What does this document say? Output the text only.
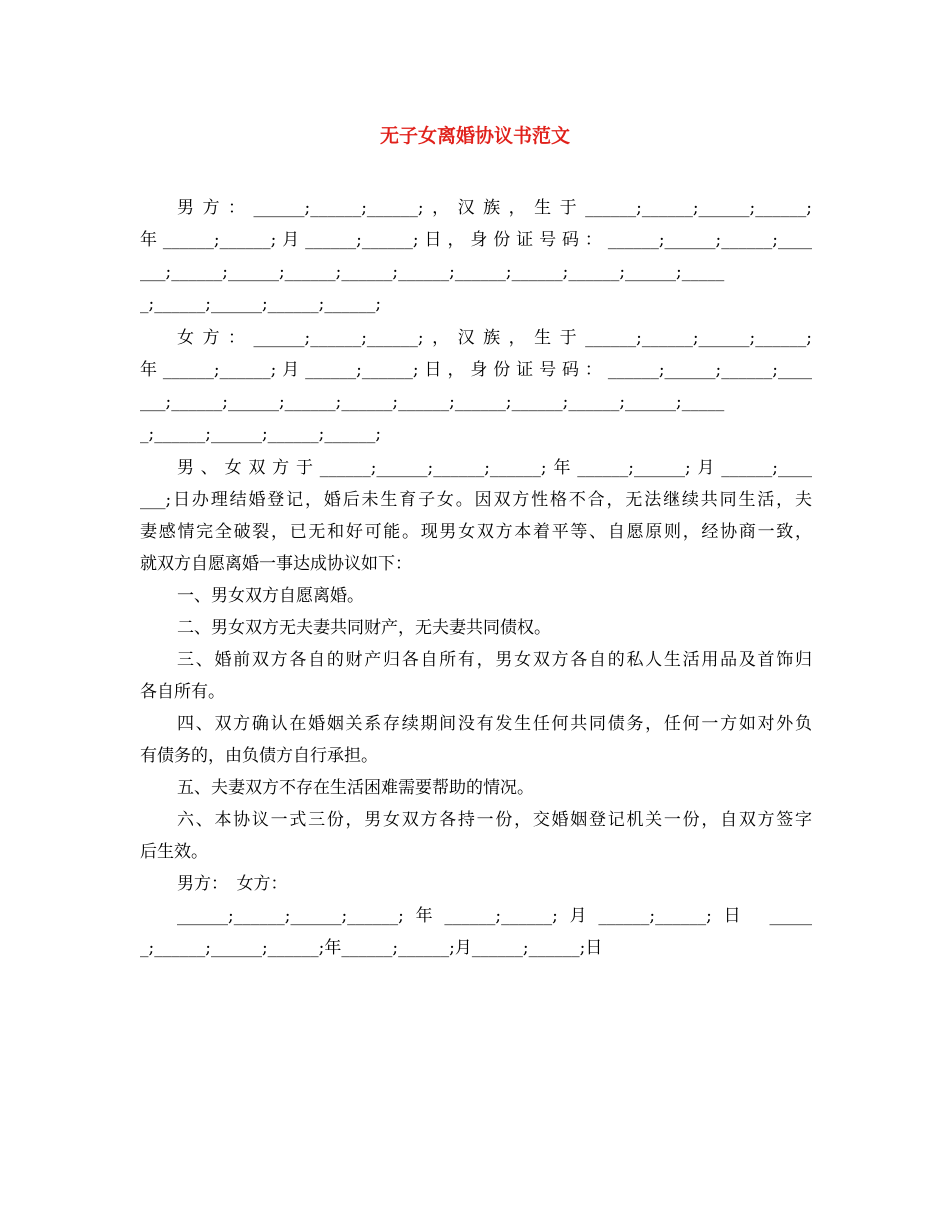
无子女离婚协议书范文
男方：______;______;______;，汉族，生于______;______;______;______;
年______;______;月______;______;日，身份证号码：______;______;______;____
___;______;______;______;______;______;______;______;______;______;_____
_;______;______;______;______;
女方：______;______;______;，汉族，生于______;______;______;______;
年______;______;月______;______;日，身份证号码：______;______;______;____
___;______;______;______;______;______;______;______;______;______;_____
_;______;______;______;______;
男、女双方于______;______;______;______;年______;______;月______;____
___;日办理结婚登记，婚后未生育子女。因双方性格不合，无法继续共同生活，夫
妻感情完全破裂，已无和好可能。现男女双方本着平等、自愿原则，经协商一致，
就双方自愿离婚一事达成协议如下：
一、男女双方自愿离婚。
二、男女双方无夫妻共同财产，无夫妻共同债权。
三、婚前双方各自的财产归各自所有，男女双方各自的私人生活用品及首饰归
各自所有。
四、双方确认在婚姻关系存续期间没有发生任何共同债务，任何一方如对外负
有债务的，由负债方自行承担。
五、夫妻双方不存在生活困难需要帮助的情况。
六、本协议一式三份，男女双方各持一份，交婚姻登记机关一份，自双方签字
后生效。
男方：　女方：
______;______;______;______;年______;______;月______;______;日 _____
_;______;______;______;年______;______;月______;______;日
